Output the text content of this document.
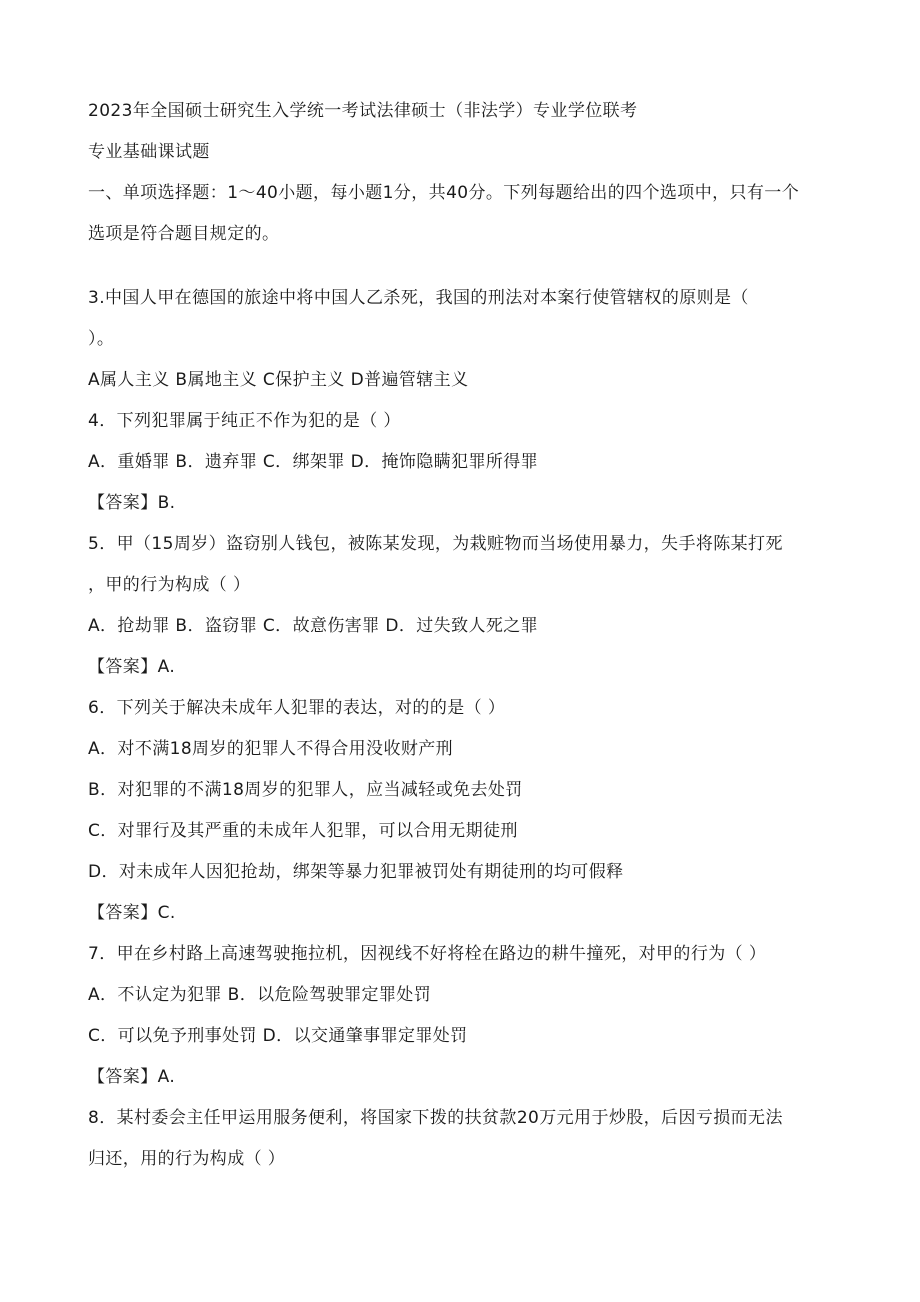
2023年全国硕士研究生入学统一考试法律硕士（非法学）专业学位联考
专业基础课试题
一、单项选择题：1～40小题，每小题1分，共40分。下列每题给出的四个选项中，只有一个
选项是符合题目规定的。
3.中国人甲在德国的旅途中将中国人乙杀死，我国的刑法对本案行使管辖权的原则是（
）。
A属人主义 B属地主义 C保护主义 D普遍管辖主义
4．下列犯罪属于纯正不作为犯的是（ ）
A．重婚罪 B．遗弃罪 C．绑架罪 D．掩饰隐瞒犯罪所得罪
【答案】B.
5．甲（15周岁）盗窃别人钱包，被陈某发现，为栽赃物而当场使用暴力，失手将陈某打死
，甲的行为构成（ ）
A．抢劫罪 B．盗窃罪 C．故意伤害罪 D．过失致人死之罪
【答案】A.
6．下列关于解决未成年人犯罪的表达，对的的是（ ）
A．对不满18周岁的犯罪人不得合用没收财产刑
B．对犯罪的不满18周岁的犯罪人，应当减轻或免去处罚
C．对罪行及其严重的未成年人犯罪，可以合用无期徒刑
D．对未成年人因犯抢劫，绑架等暴力犯罪被罚处有期徒刑的均可假释
【答案】C.
7．甲在乡村路上高速驾驶拖拉机，因视线不好将栓在路边的耕牛撞死，对甲的行为（ ）
A．不认定为犯罪 B．以危险驾驶罪定罪处罚
C．可以免予刑事处罚 D．以交通肇事罪定罪处罚
【答案】A.
8．某村委会主任甲运用服务便利，将国家下拨的扶贫款20万元用于炒股，后因亏损而无法
归还，用的行为构成（ ）
